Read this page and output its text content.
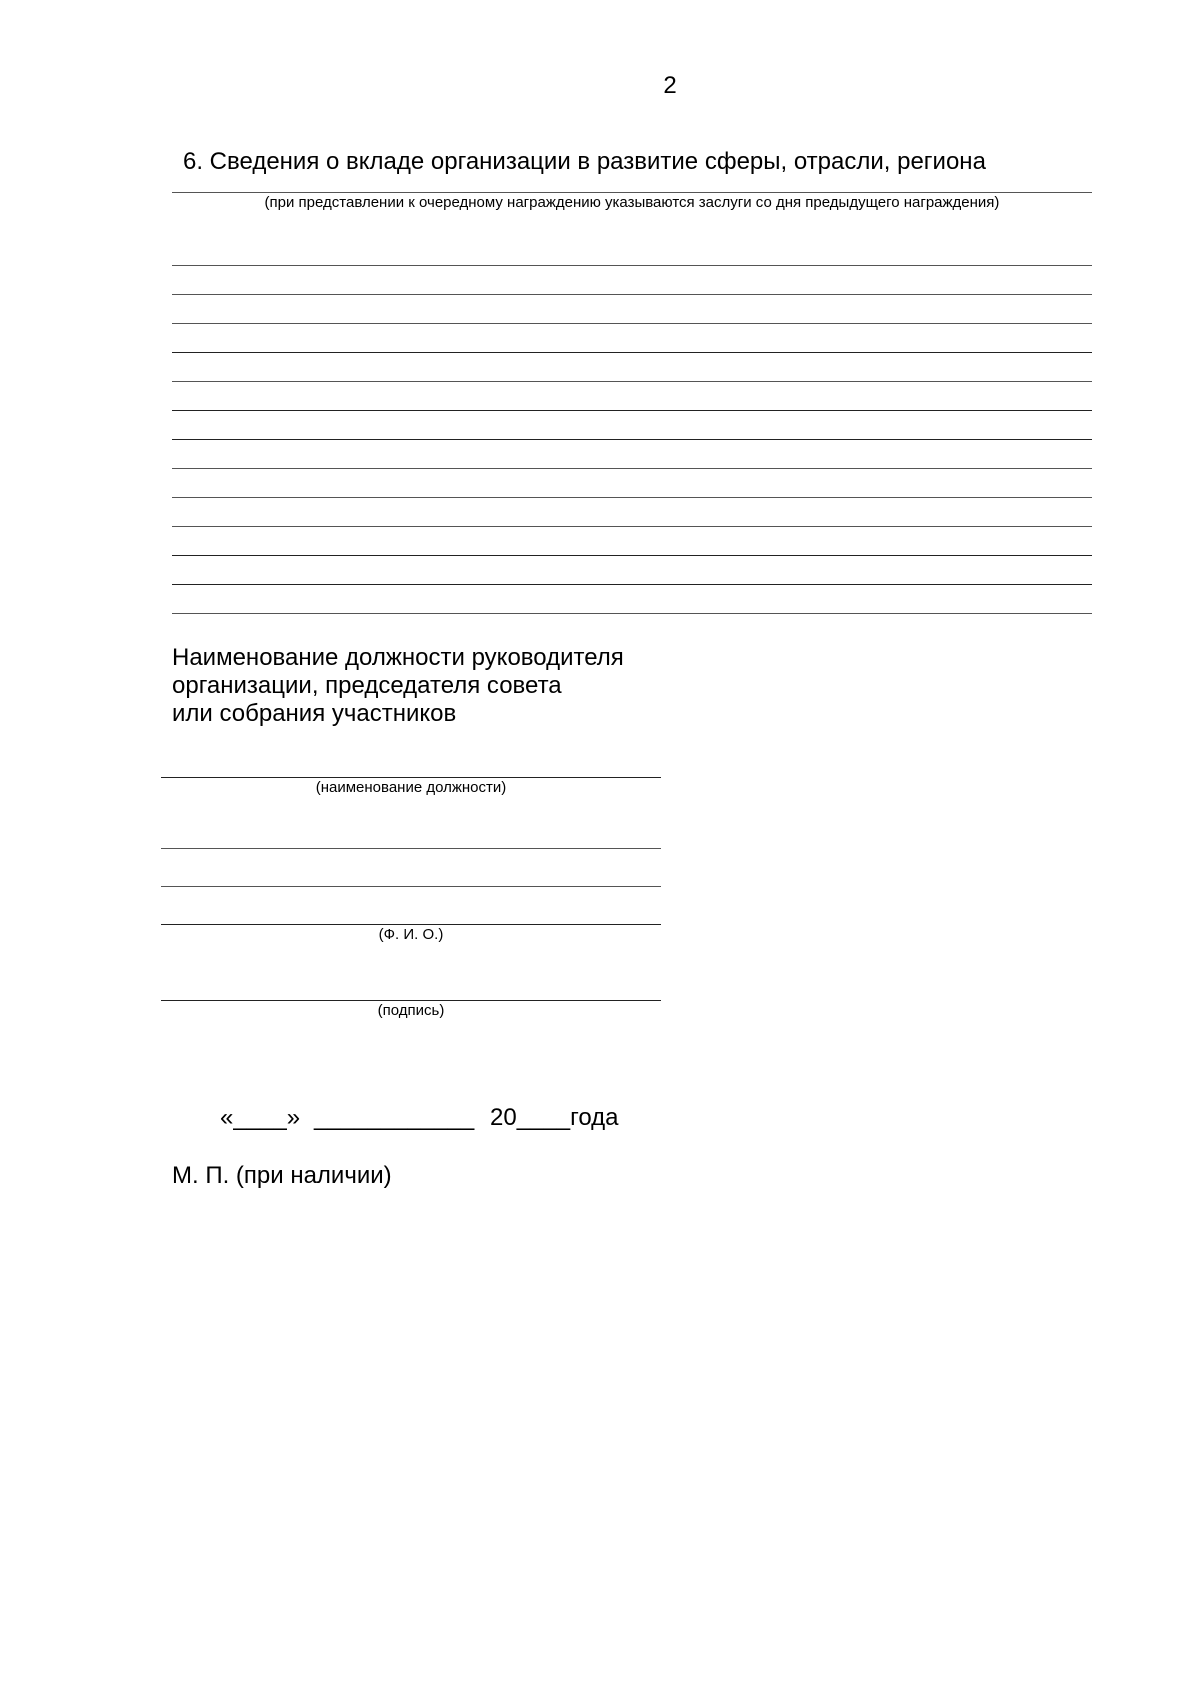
2
6. Сведения о вкладе организации в развитие сферы, отрасли, региона
(при представлении к очередному награждению указываются заслуги со дня предыдущего награждения)
Наименование должности руководителя
организации, председателя совета
или собрания участников
(наименование должности)
(Ф. И. О.)
(подпись)
«____» ____________ 20____года
М. П. (при наличии)
